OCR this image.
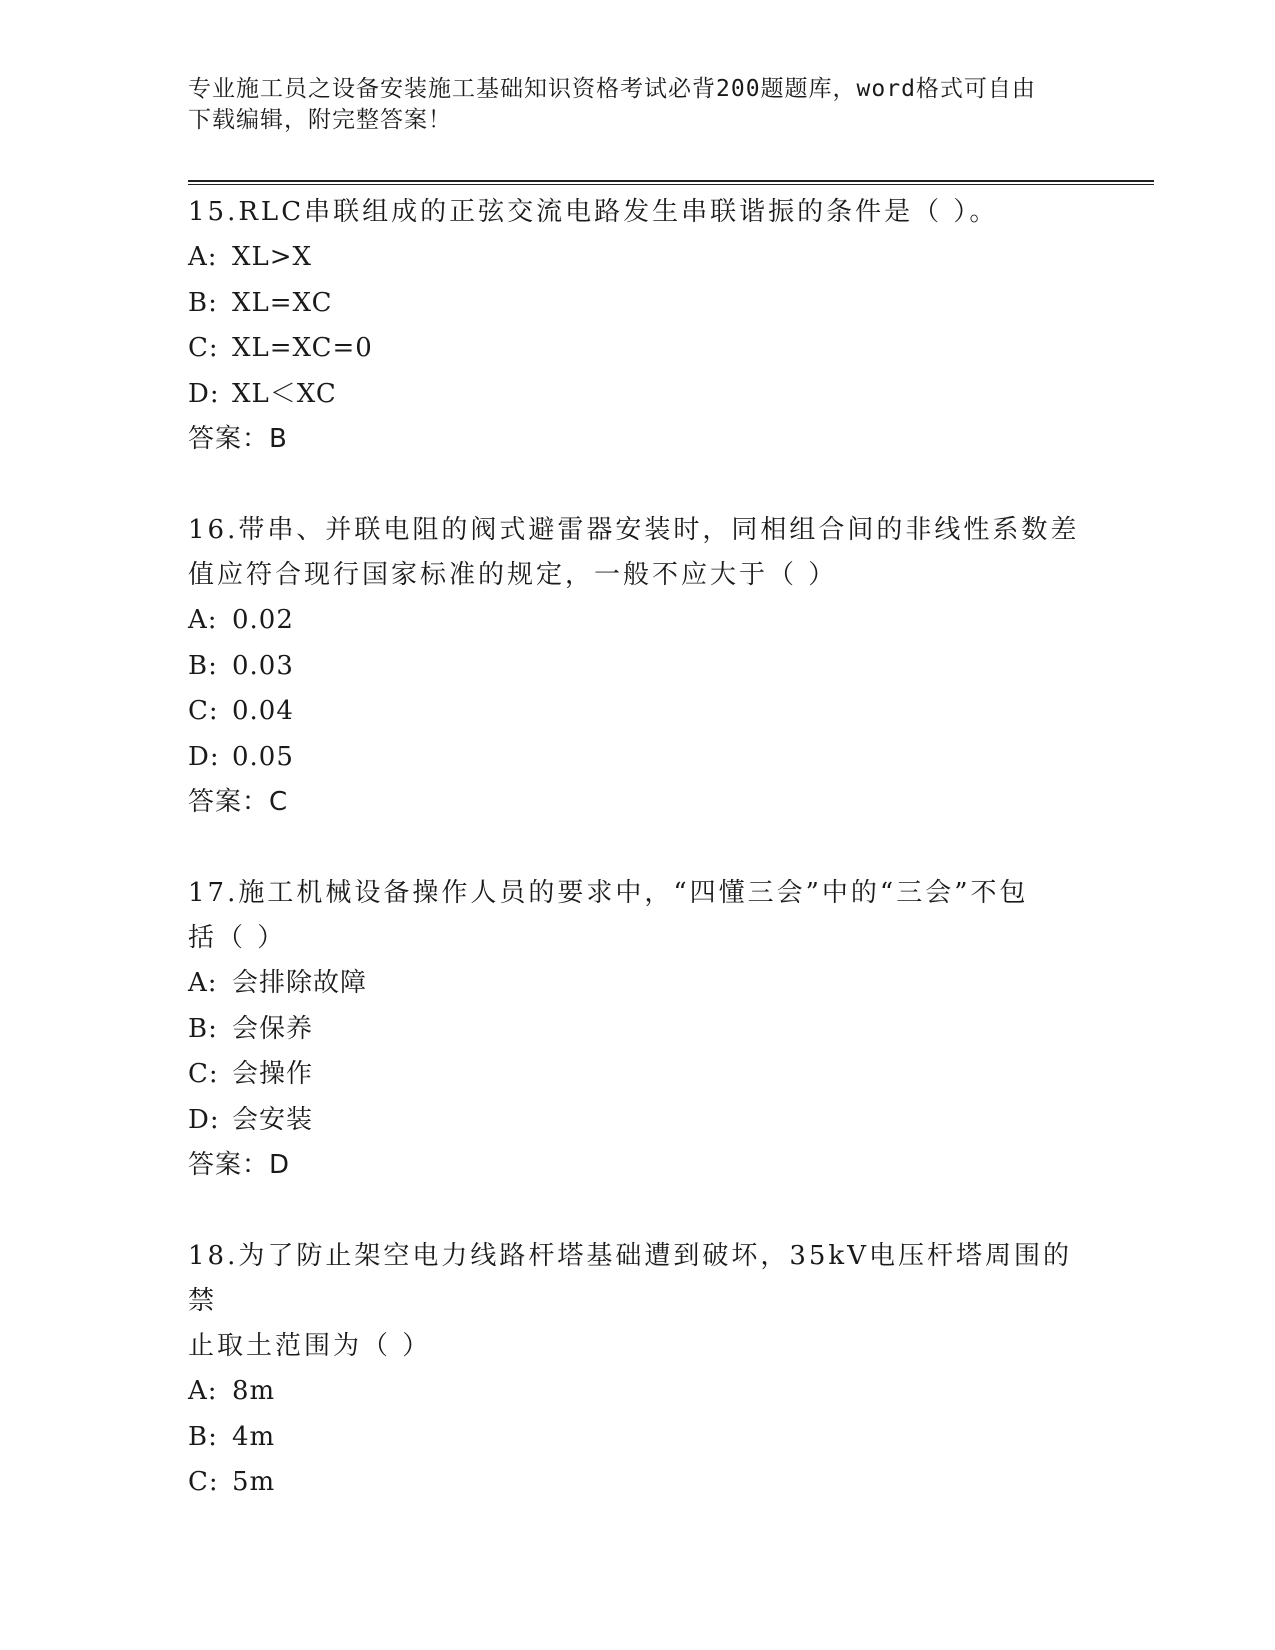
专业施工员之设备安装施工基础知识资格考试必背200题题库，word格式可自由
下载编辑，附完整答案！

15.RLC串联组成的正弦交流电路发生串联谐振的条件是（ ）。

A: XL>X

B: XL=XC

C: XL=XC=0

D: XL＜XC

答案：B

16.带串、并联电阻的阀式避雷器安装时，同相组合间的非线性系数差

值应符合现行国家标准的规定，一般不应大于（ ）

A: 0.02

B: 0.03

C: 0.04

D: 0.05

答案：C

17.施工机械设备操作人员的要求中，“四懂三会”中的“三会”不包

括（ ）

A: 会排除故障

B: 会保养

C: 会操作

D: 会安装

答案：D

18.为了防止架空电力线路杆塔基础遭到破坏，35kV电压杆塔周围的禁

止取土范围为（ ）

A: 8m

B: 4m

C: 5m
